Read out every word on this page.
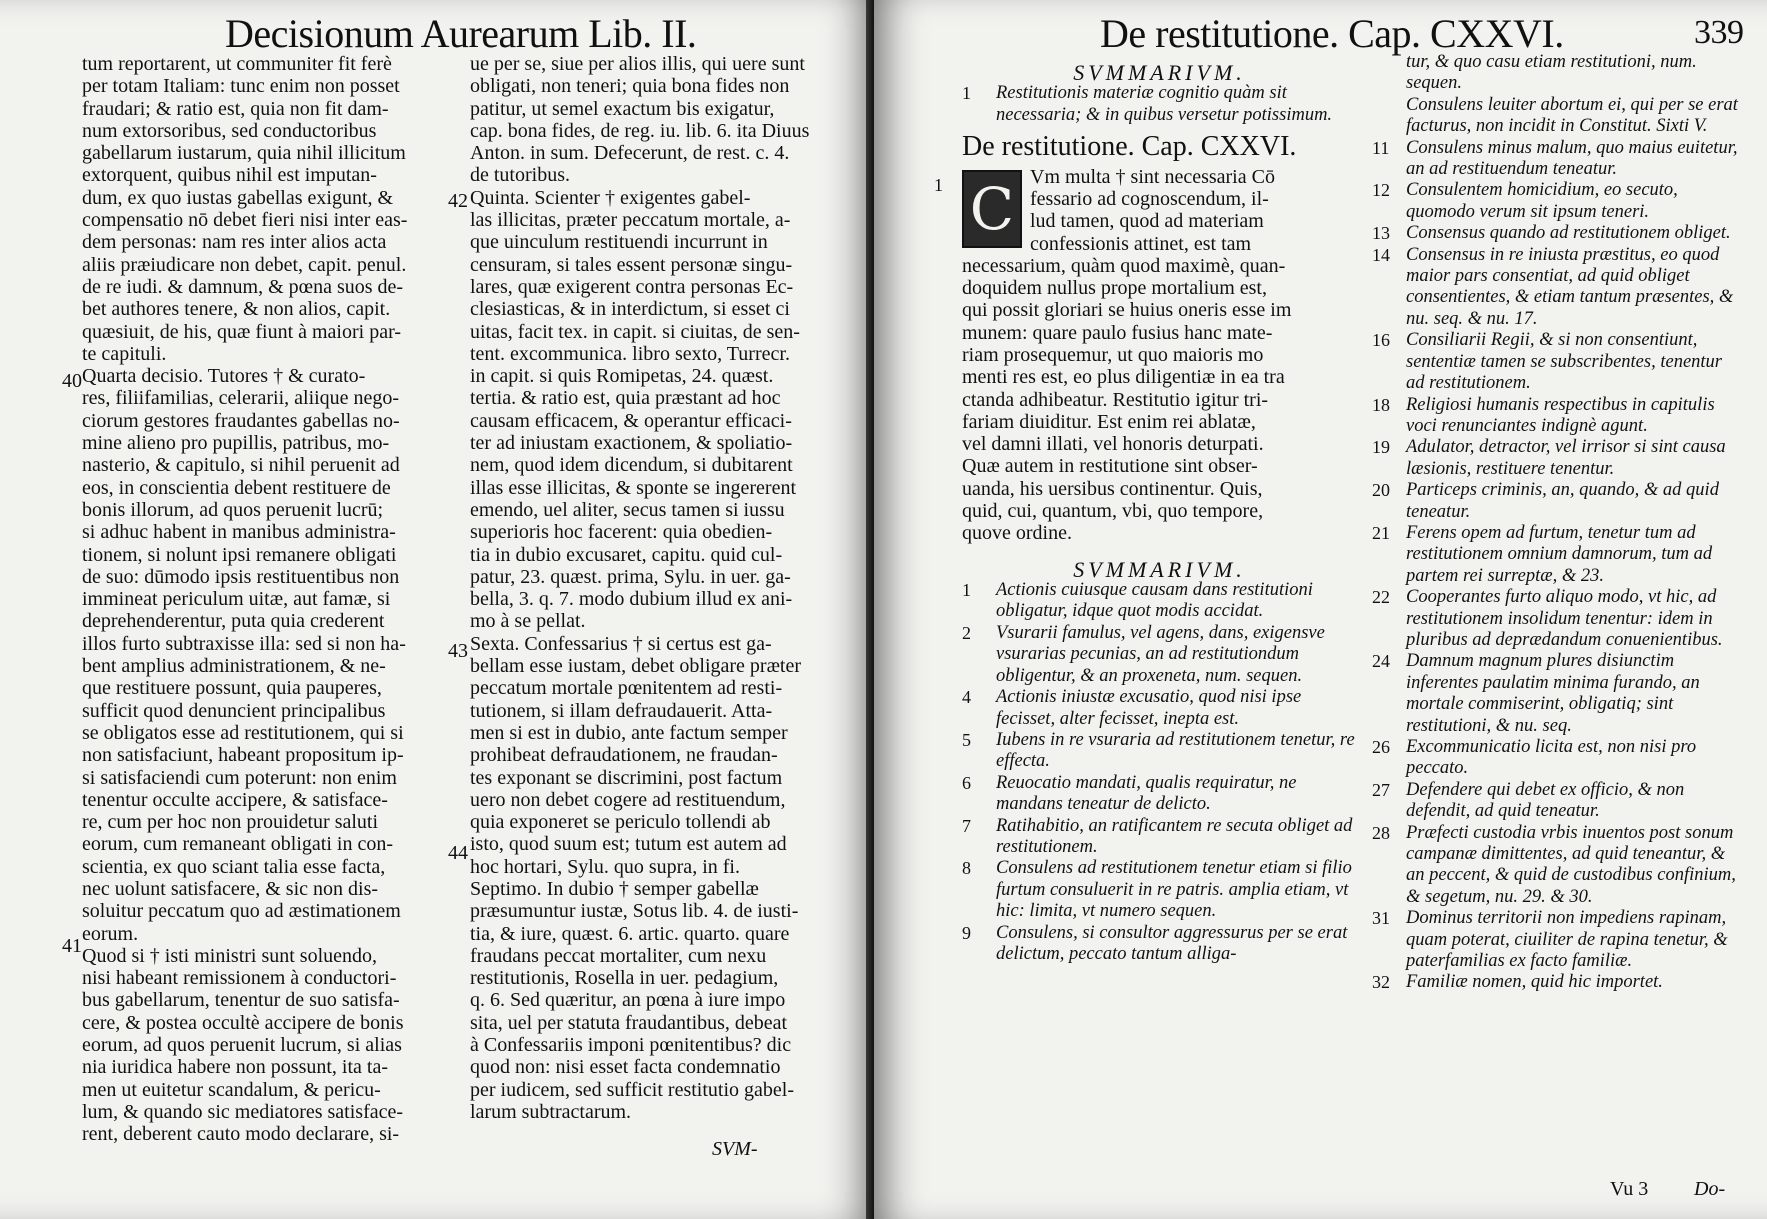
Decisionum Aurearum Lib. II.
tum reportarent, ut communiter fit ferè
per totam Italiam: tunc enim non posset
fraudari; & ratio est, quia non fit dam-
num extorsoribus, sed conductoribus
gabellarum iustarum, quia nihil illicitum
extorquent, quibus nihil est imputan-
dum, ex quo iustas gabellas exigunt, &
compensatio nō debet fieri nisi inter eas-
dem personas: nam res inter alios acta
aliis præiudicare non debet, capit. penul.
de re iudi. & damnum, & pœna suos de-
bet authores tenere, & non alios, capit.
quæsiuit, de his, quæ fiunt à maiori par-
te capituli.
Quarta decisio. Tutores † & curato-
res, filiifamilias, celerarii, aliique nego-
ciorum gestores fraudantes gabellas no-
mine alieno pro pupillis, patribus, mo-
nasterio, & capitulo, si nihil peruenit ad
eos, in conscientia debent restituere de
bonis illorum, ad quos peruenit lucrū;
si adhuc habent in manibus administra-
tionem, si nolunt ipsi remanere obligati
de suo: dūmodo ipsis restituentibus non
immineat periculum uitæ, aut famæ, si
deprehenderentur, puta quia crederent
illos furto subtraxisse illa: sed si non ha-
bent amplius administrationem, & ne-
que restituere possunt, quia pauperes,
sufficit quod denuncient principalibus
se obligatos esse ad restitutionem, qui si
non satisfaciunt, habeant propositum ip-
si satisfaciendi cum poterunt: non enim
tenentur occulte accipere, & satisface-
re, cum per hoc non prouidetur saluti
eorum, cum remaneant obligati in con-
scientia, ex quo sciant talia esse facta,
nec uolunt satisfacere, & sic non dis-
soluitur peccatum quo ad æstimationem
eorum.
Quod si † isti ministri sunt soluendo,
nisi habeant remissionem à conductori-
bus gabellarum, tenentur de suo satisfa-
cere, & postea occultè accipere de bonis
eorum, ad quos peruenit lucrum, si alias
nia iuridica habere non possunt, ita ta-
men ut euitetur scandalum, & pericu-
lum, & quando sic mediatores satisface-
rent, deberent cauto modo declarare, si-
ue per se, siue per alios illis, qui uere sunt
obligati, non teneri; quia bona fides non
patitur, ut semel exactum bis exigatur,
cap. bona fides, de reg. iu. lib. 6. ita Diuus
Anton. in sum. Defecerunt, de rest. c. 4.
de tutoribus.
Quinta. Scienter † exigentes gabel-
las illicitas, præter peccatum mortale, a-
que uinculum restituendi incurrunt in
censuram, si tales essent personæ singu-
lares, quæ exigerent contra personas Ec-
clesiasticas, & in interdictum, si esset ci
uitas, facit tex. in capit. si ciuitas, de sen-
tent. excommunica. libro sexto, Turrecr.
in capit. si quis Romipetas, 24. quæst.
tertia. & ratio est, quia præstant ad hoc
causam efficacem, & operantur efficaci-
ter ad iniustam exactionem, & spoliatio-
nem, quod idem dicendum, si dubitarent
illas esse illicitas, & sponte se ingererent
emendo, uel aliter, secus tamen si iussu
superioris hoc facerent: quia obedien-
tia in dubio excusaret, capitu. quid cul-
patur, 23. quæst. prima, Sylu. in uer. ga-
bella, 3. q. 7. modo dubium illud ex ani-
mo à se pellat.
Sexta. Confessarius † si certus est ga-
bellam esse iustam, debet obligare præter
peccatum mortale pœnitentem ad resti-
tutionem, si illam defraudauerit. Atta-
men si est in dubio, ante factum semper
prohibeat defraudationem, ne fraudan-
tes exponant se discrimini, post factum
uero non debet cogere ad restituendum,
quia exponeret se periculo tollendi ab
isto, quod suum est; tutum est autem ad
hoc hortari, Sylu. quo supra, in fi.
Septimo. In dubio † semper gabellæ
præsumuntur iustæ, Sotus lib. 4. de iusti-
tia, & iure, quæst. 6. artic. quarto. quare
fraudans peccat mortaliter, cum nexu
restitutionis, Rosella in uer. pedagium,
q. 6. Sed quæritur, an pœna à iure impo
sita, uel per statuta fraudantibus, debeat
à Confessariis imponi pœnitentibus? dic
quod non: nisi esset facta condemnatio
per iudicem, sed sufficit restitutio gabel-
larum subtractarum.
40
41
42
43
44
SVM-
De restitutione. Cap. CXXVI.	339
SVMMARIVM.
1 Restitutionis materiæ cognitio quàm sit necessaria; & in quibus versetur potissimum.
De restitutione. Cap. CXXVI.
1 C Vm multa † sint necessaria Cō
fessario ad cognoscendum, il-
lud tamen, quod ad materiam
confessionis attinet, est tam
necessarium, quàm quod maximè, quan-
doquidem nullus prope mortalium est,
qui possit gloriari se huius oneris esse im
munem: quare paulo fusius hanc mate-
riam prosequemur, ut quo maioris mo
menti res est, eo plus diligentiæ in ea tra
ctanda adhibeatur. Restitutio igitur tri-
fariam diuiditur. Est enim rei ablatæ,
vel damni illati, vel honoris deturpati.
Quæ autem in restitutione sint obser-
uanda, his uersibus continentur. Quis,
quid, cui, quantum, vbi, quo tempore,
quove ordine.
SVMMARIVM.
1 Actionis cuiusque causam dans restitutioni obligatur, idque quot modis accidat.
2 Vsurarii famulus, vel agens, dans, exigensve vsurarias pecunias, an ad restitutiondum obligentur, & an proxeneta, num. sequen.
4 Actionis iniustæ excusatio, quod nisi ipse fecisset, alter fecisset, inepta est.
5 Iubens in re vsuraria ad restitutionem tenetur, re effecta.
6 Reuocatio mandati, qualis requiratur, ne mandans teneatur de delicto.
7 Ratihabitio, an ratificantem re secuta obliget ad restitutionem.
8 Consulens ad restitutionem tenetur etiam si filio furtum consuluerit in re patris. amplia etiam, vt hic: limita, vt numero sequen.
9 Consulens, si consultor aggressurus per se erat delictum, peccato tantum alliga-
Vu 3 Do-
tur, & quo casu etiam restitutioni, num. sequen.
Consulens leuiter abortum ei, qui per se erat facturus, non incidit in Constitut. Sixti V.
11 Consulens minus malum, quo maius euitetur, an ad restituendum teneatur.
12 Consulentem homicidium, eo secuto, quomodo verum sit ipsum teneri.
13 Consensus quando ad restitutionem obliget.
14 Consensus in re iniusta præstitus, eo quod maior pars consentiat, ad quid obliget consentientes, & etiam tantum præsentes, & nu. seq. & nu. 17.
16 Consiliarii Regii, & si non consentiunt, sententiæ tamen se subscribentes, tenentur ad restitutionem.
18 Religiosi humanis respectibus in capitulis voci renunciantes indignè agunt.
19 Adulator, detractor, vel irrisor si sint causa læsionis, restituere tenentur.
20 Particeps criminis, an, quando, & ad quid teneatur.
21 Ferens opem ad furtum, tenetur tum ad restitutionem omnium damnorum, tum ad partem rei surreptæ, & 23.
22 Cooperantes furto aliquo modo, vt hic, ad restitutionem insolidum tenentur: idem in pluribus ad deprædandum conuenientibus.
24 Damnum magnum plures disiunctim inferentes paulatim minima furando, an mortale commiserint, obligatiq; sint restitutioni, & nu. seq.
26 Excommunicatio licita est, non nisi pro peccato.
27 Defendere qui debet ex officio, & non defendit, ad quid teneatur.
28 Præfecti custodia vrbis inuentos post sonum campanæ dimittentes, ad quid teneantur, & an peccent, & quid de custodibus confinium, & segetum, nu. 29. & 30.
31 Dominus territorii non impediens rapinam, quam poterat, ciuiliter de rapina tenetur, & paterfamilias ex facto familiæ.
32 Familiæ nomen, quid hic importet.
